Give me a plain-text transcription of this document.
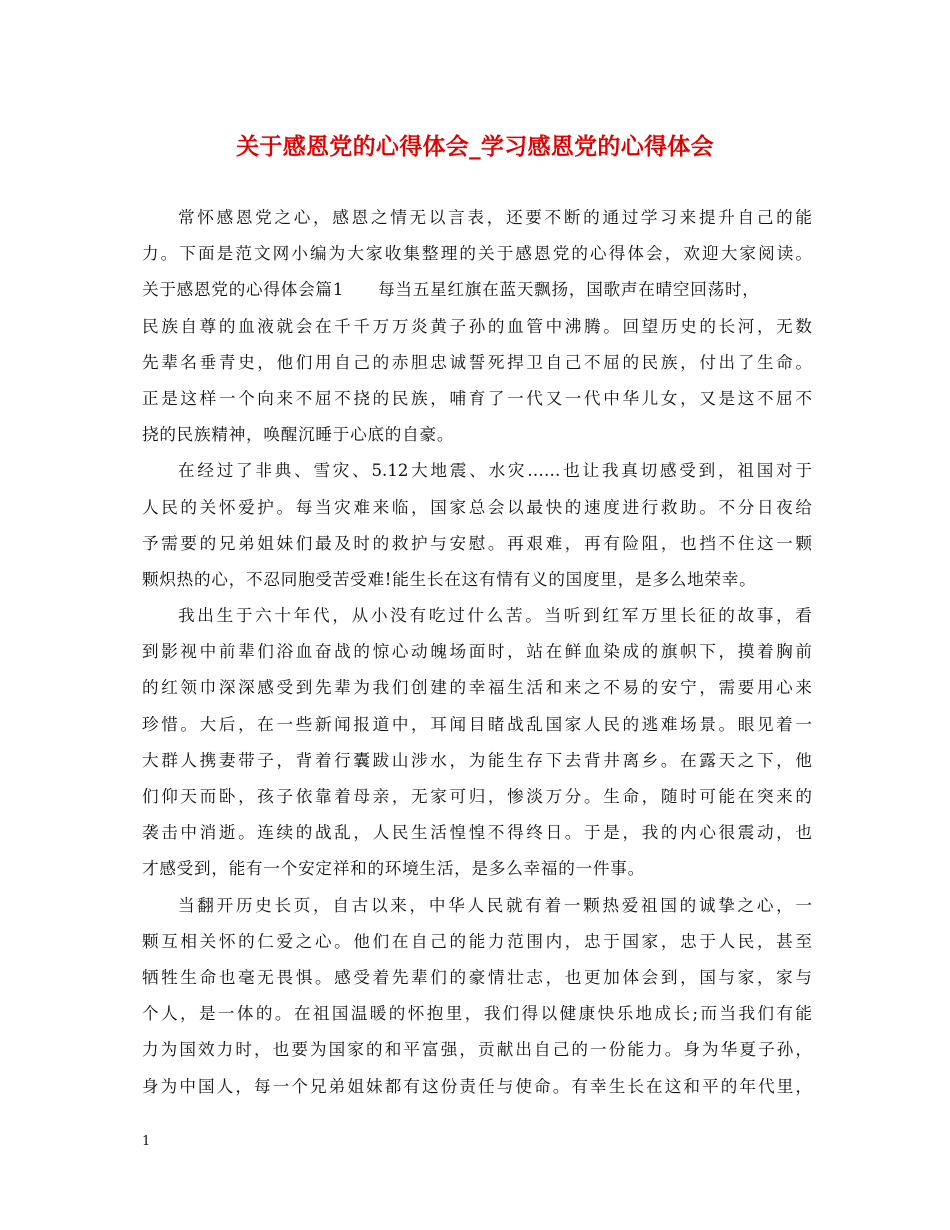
关于感恩党的心得体会_学习感恩党的心得体会
常怀感恩党之心，感恩之情无以言表，还要不断的通过学习来提升自己的能
力。下面是范文网小编为大家收集整理的关于感恩党的心得体会，欢迎大家阅读。
关于感恩党的心得体会篇1 每当五星红旗在蓝天飘扬，国歌声在晴空回荡时，
民族自尊的血液就会在千千万万炎黄子孙的血管中沸腾。回望历史的长河，无数
先辈名垂青史，他们用自己的赤胆忠诚誓死捍卫自己不屈的民族，付出了生命。
正是这样一个向来不屈不挠的民族，哺育了一代又一代中华儿女，又是这不屈不
挠的民族精神，唤醒沉睡于心底的自豪。
在经过了非典、雪灾、5.12大地震、水灾……也让我真切感受到，祖国对于
人民的关怀爱护。每当灾难来临，国家总会以最快的速度进行救助。不分日夜给
予需要的兄弟姐妹们最及时的救护与安慰。再艰难，再有险阻，也挡不住这一颗
颗炽热的心，不忍同胞受苦受难!能生长在这有情有义的国度里，是多么地荣幸。
我出生于六十年代，从小没有吃过什么苦。当听到红军万里长征的故事，看
到影视中前辈们浴血奋战的惊心动魄场面时，站在鲜血染成的旗帜下，摸着胸前
的红领巾深深感受到先辈为我们创建的幸福生活和来之不易的安宁，需要用心来
珍惜。大后，在一些新闻报道中，耳闻目睹战乱国家人民的逃难场景。眼见着一
大群人携妻带子，背着行囊跋山涉水，为能生存下去背井离乡。在露天之下，他
们仰天而卧，孩子依靠着母亲，无家可归，惨淡万分。生命，随时可能在突来的
袭击中消逝。连续的战乱，人民生活惶惶不得终日。于是，我的内心很震动，也
才感受到，能有一个安定祥和的环境生活，是多么幸福的一件事。
当翻开历史长页，自古以来，中华人民就有着一颗热爱祖国的诚挚之心，一
颗互相关怀的仁爱之心。他们在自己的能力范围内，忠于国家，忠于人民，甚至
牺牲生命也毫无畏惧。感受着先辈们的豪情壮志，也更加体会到，国与家，家与
个人，是一体的。在祖国温暖的怀抱里，我们得以健康快乐地成长;而当我们有能
力为国效力时，也要为国家的和平富强，贡献出自己的一份能力。身为华夏子孙，
身为中国人，每一个兄弟姐妹都有这份责任与使命。有幸生长在这和平的年代里，
1
